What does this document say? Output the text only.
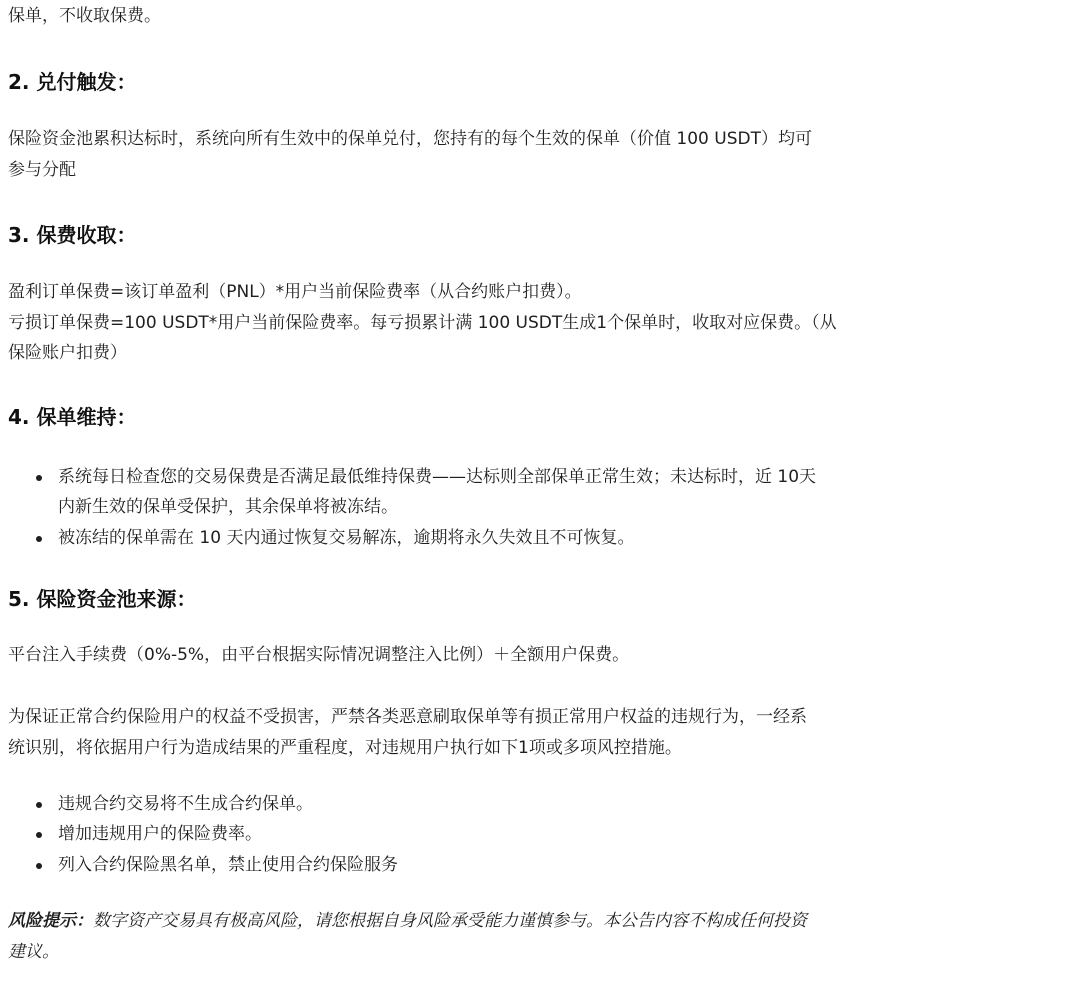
保单，不收取保费。
2. 兑付触发：
保险资金池累积达标时，系统向所有生效中的保单兑付，您持有的每个生效的保单（价值 100 USDT）均可
参与分配
3. 保费收取：
盈利订单保费=该订单盈利（PNL）*用户当前保险费率（从合约账户扣费）。
亏损订单保费=100 USDT*用户当前保险费率。每亏损累计满 100 USDT生成1个保单时，收取对应保费。（从
保险账户扣费）
4. 保单维持：
系统每日检查您的交易保费是否满足最低维持保费——达标则全部保单正常生效；未达标时，近 10天
内新生效的保单受保护，其余保单将被冻结。
被冻结的保单需在 10 天内通过恢复交易解冻，逾期将永久失效且不可恢复。
5. 保险资金池来源：
平台注入手续费（0%-5%，由平台根据实际情况调整注入比例）＋全额用户保费。
为保证正常合约保险用户的权益不受损害，严禁各类恶意刷取保单等有损正常用户权益的违规行为，一经系
统识别，将依据用户行为造成结果的严重程度，对违规用户执行如下1项或多项风控措施。
违规合约交易将不生成合约保单。
增加违规用户的保险费率。
列入合约保险黑名单，禁止使用合约保险服务
风险提示：数字资产交易具有极高风险，请您根据自身风险承受能力谨慎参与。本公告内容不构成任何投资
建议。
